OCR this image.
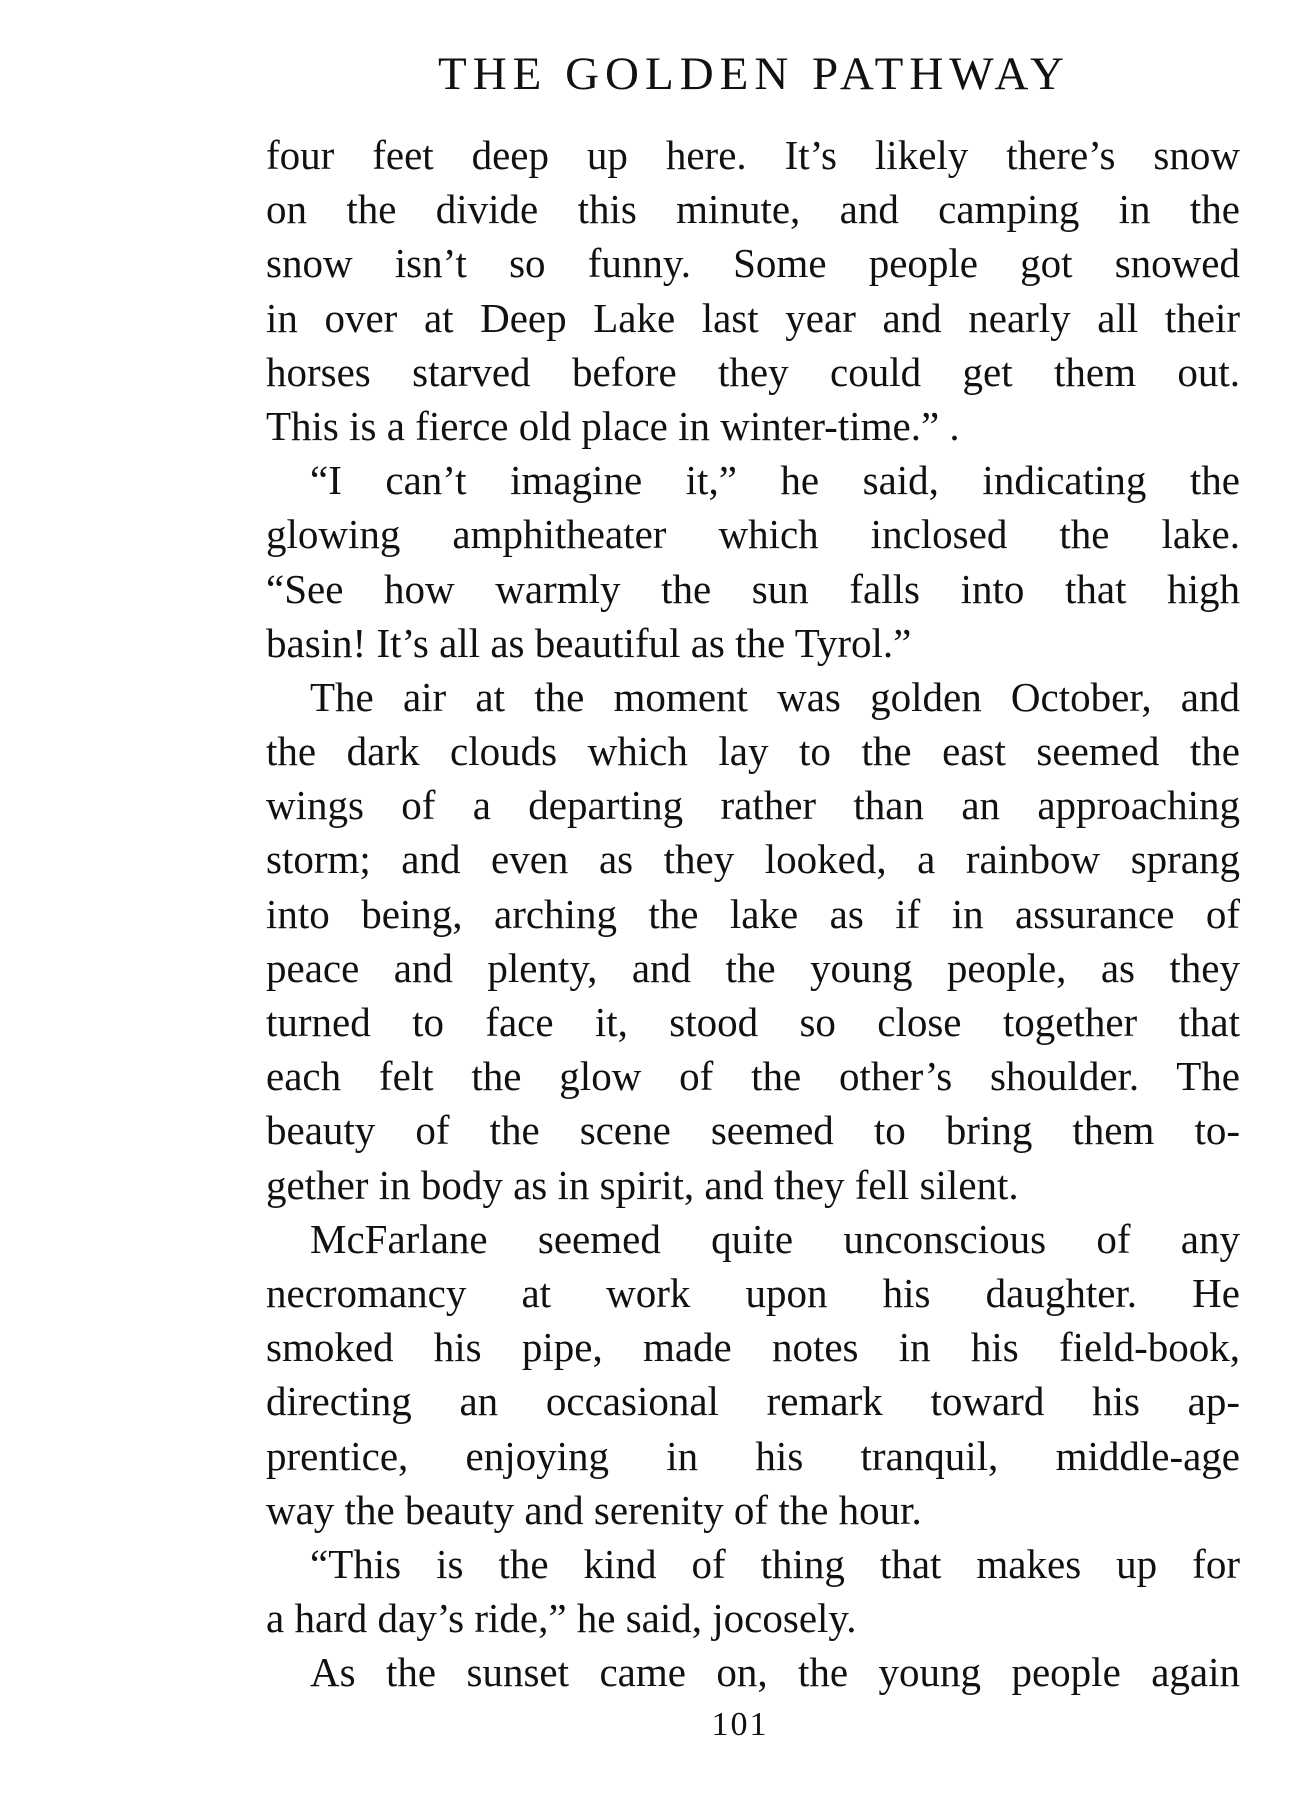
THE GOLDEN PATHWAY
four feet deep up here. It’s likely there’s snow
on the divide this minute, and camping in the
snow isn’t so funny. Some people got snowed
in over at Deep Lake last year and nearly all their
horses starved before they could get them out.
This is a fierce old place in winter-time.” .
“I can’t imagine it,” he said, indicating the
glowing amphitheater which inclosed the lake.
“See how warmly the sun falls into that high
basin! It’s all as beautiful as the Tyrol.”
The air at the moment was golden October, and
the dark clouds which lay to the east seemed the
wings of a departing rather than an approaching
storm; and even as they looked, a rainbow sprang
into being, arching the lake as if in assurance of
peace and plenty, and the young people, as they
turned to face it, stood so close together that
each felt the glow of the other’s shoulder. The
beauty of the scene seemed to bring them to-
gether in body as in spirit, and they fell silent.
McFarlane seemed quite unconscious of any
necromancy at work upon his daughter. He
smoked his pipe, made notes in his field-book,
directing an occasional remark toward his ap-
prentice, enjoying in his tranquil, middle-age
way the beauty and serenity of the hour.
“This is the kind of thing that makes up for
a hard day’s ride,” he said, jocosely.
As the sunset came on, the young people again
101
